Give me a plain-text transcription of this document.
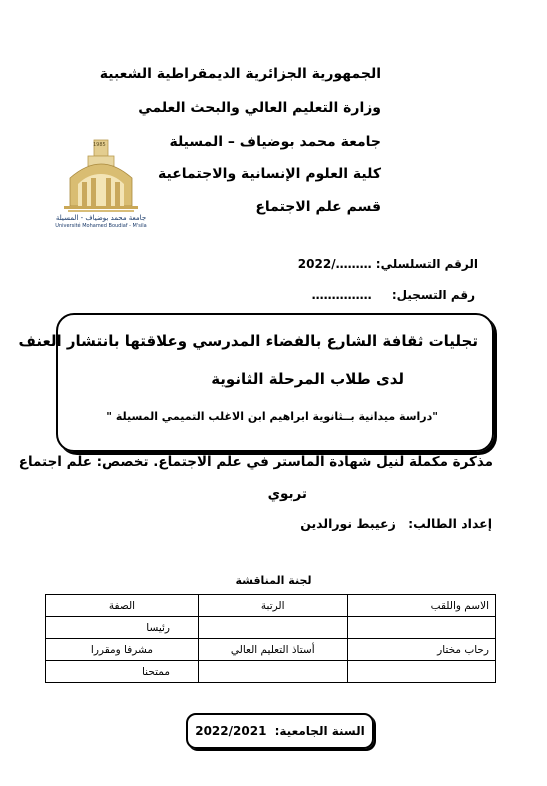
الجمهورية الجزائرية الديمقراطية الشعبية
وزارة التعليم العالي والبحث العلمي
جامعة محمد بوضياف – المسيلة
كلية العلوم الإنسانية والاجتماعية
قسم علم الاجتماع
1985
جامعة محمد بوضياف - المسيلة
Université Mohamed Boudiaf - M'sila
الرقم التسلسلي: ………/2022
رقم التسجيل: ……………
تجليات ثقافة الشارع بالفضاء المدرسي وعلاقتها بانتشار العنف
لدى طلاب المرحلة الثانوية
"دراسة ميدانية بــثانوية ابراهيم ابن الاغلب التميمي المسيلة "
مذكرة مكملة لنيل شهادة الماستر في علم الاجتماع. تخصص: علم اجتماع
تربوي
إعداد الطالب: زعيبط نورالدين
لجنة المناقشة
الاسم واللقب	الرتبة	الصفة
		رئيسا
رحاب مختار	أستاذ التعليم العالي	مشرفا ومقررا
		ممتحنا
السنة الجامعية: 2022/2021
